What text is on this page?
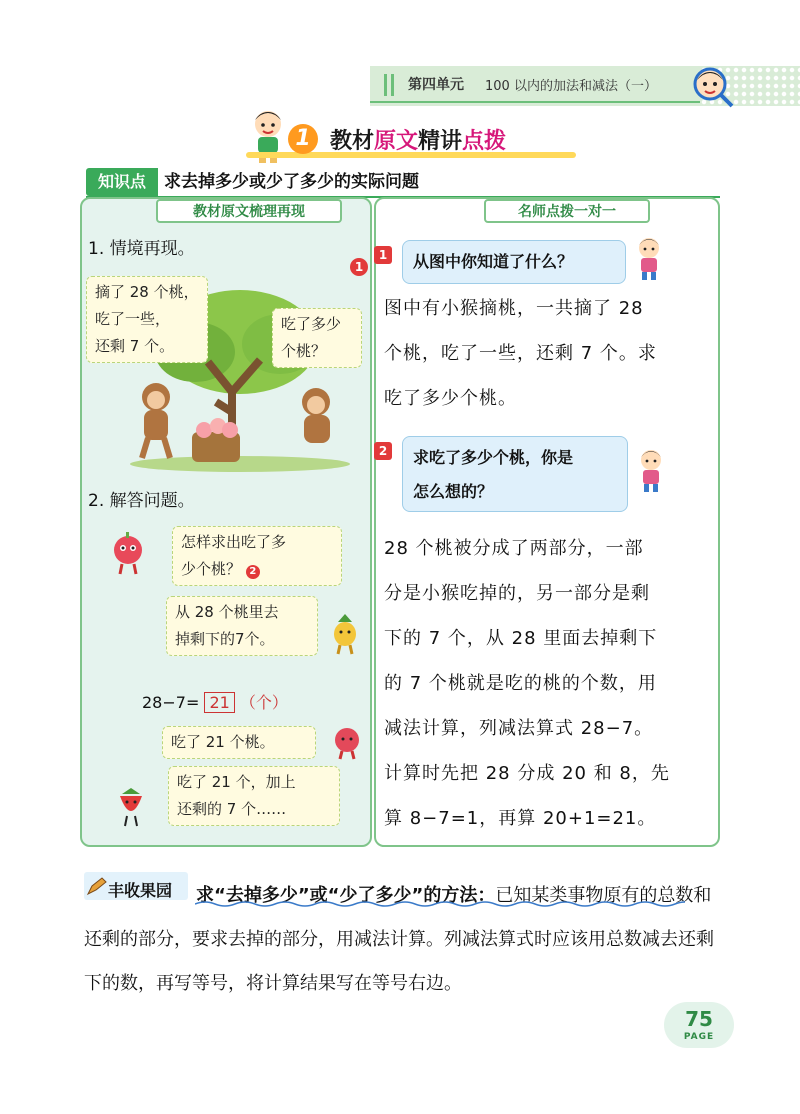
第四单元 100 以内的加法和减法（一）
1 教材原文精讲点拨
知识点	求去掉多少或少了多少的实际问题
教材原文梳理再现
1. 情境再现。
摘了 28 个桃，
吃了一些，
还剩 7 个。
吃了多少
个桃？
2. 解答问题。
怎样求出吃了多
少个桃？ 2
从 28 个桃里去
掉剩下的7个。
28−7= 21 （个）
吃了 21 个桃。
吃了 21 个，加上
还剩的 7 个……
名师点拨一对一
1
1	从图中你知道了什么？
图中有小猴摘桃，一共摘了 28
个桃，吃了一些，还剩 7 个。求
吃了多少个桃。
2	求吃了多少个桃，你是
怎么想的？
28 个桃被分成了两部分，一部
分是小猴吃掉的，另一部分是剩
下的 7 个，从 28 里面去掉剩下
的 7 个桃就是吃的桃的个数，用
减法计算，列减法算式 28−7。
计算时先把 28 分成 20 和 8，先
算 8−7=1，再算 20+1=21。
丰收果园	求“去掉多少”或“少了多少”的方法：已知某类事物原有的总数和还剩的部分，要求去掉的部分，用减法计算。列减法算式时应该用总数减去还剩下的数，再写等号，将计算结果写在等号右边。
75
PAGE
